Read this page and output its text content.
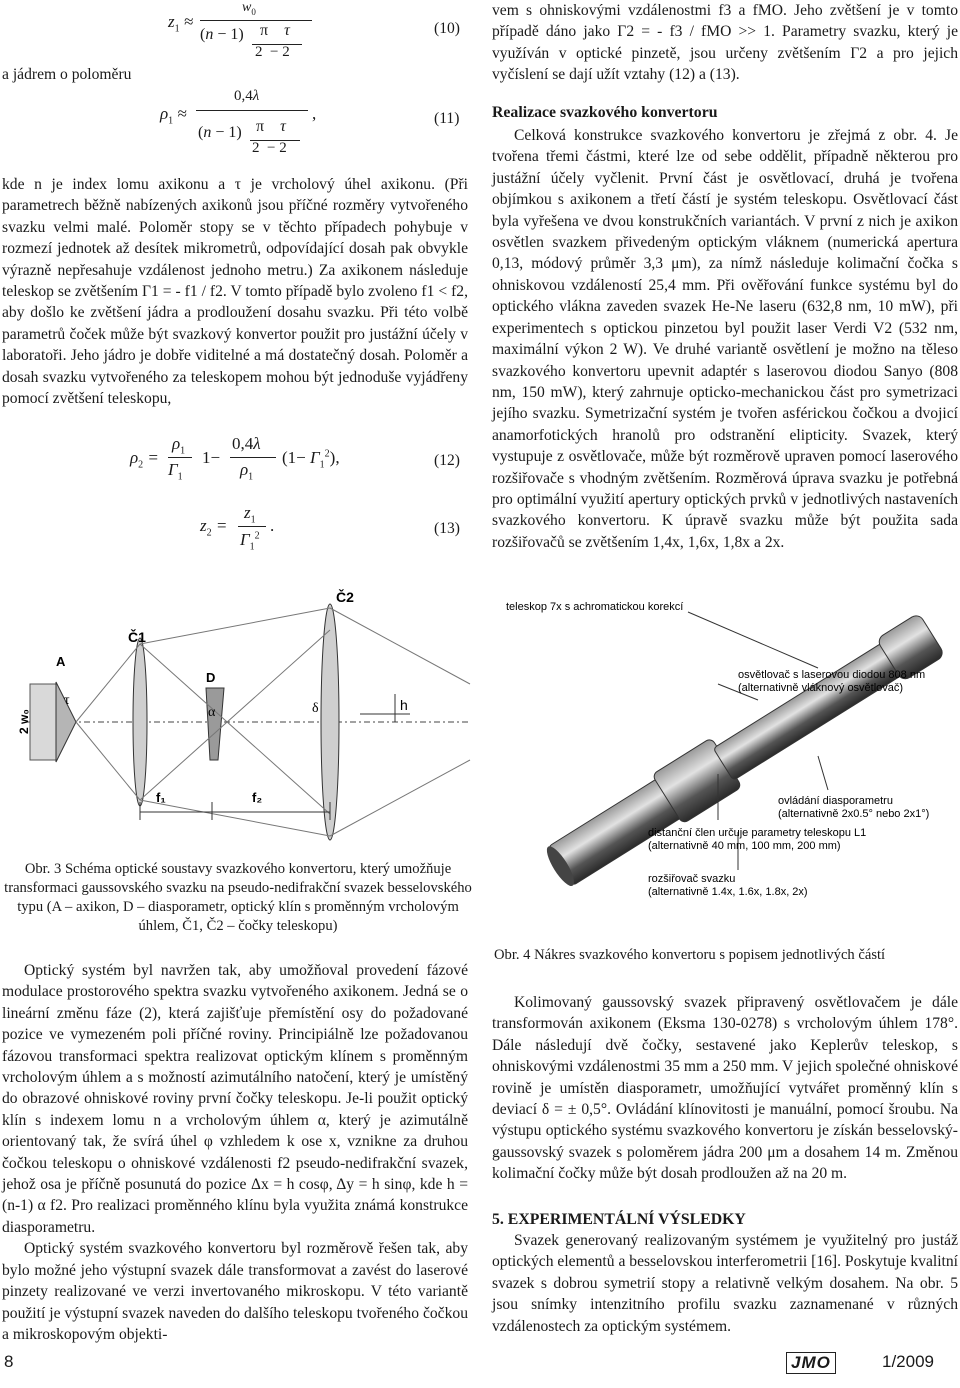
$z_1$ ≈
$w_0$
(n − 1) π    τ
2  − 2
(10)

a jádrem o poloměru

$\rho_1$ ≈
0,4λ
,
(n − 1) π    τ
2  − 2
(11)

kde n je index lomu axikonu a τ je vrcholový úhel axikonu. (Při parametrech běžně nabízených axikonů jsou příčné rozměry vytvořeného svazku velmi malé. Poloměr stopy se v těchto případech pohybuje v rozmezí jednotek až desítek mikrometrů, odpovídající dosah pak obvykle výrazně nepřesahuje vzdálenost jednoho metru.) Za axikonem následuje teleskop se zvětšením Γ1 = - f1 / f2. V tomto případě bylo zvoleno f1 < f2, aby došlo ke zvětšení jádra a prodloužení dosahu svazku. Při této volbě parametrů čoček může být svazkový konvertor použit pro justážní účely v laboratoři. Jeho jádro je dobře viditelné a má dostatečný dosah. Poloměr a dosah svazku vytvořeného za teleskopem mohou být jednoduše vyjádřeny pomocí zvětšení teleskopu,

$\rho_2$ =
$\rho_1$
$\Gamma_1$
1−
0,4λ
$\rho_1$
$(1- \Gamma_1^2)$,	(12)
$z_2$ =
$z_1$
$\Gamma_1^2$
.	(13)

vem s ohniskovými vzdálenostmi f3 a fMO. Jeho zvětšení je v tomto případě dáno jako Γ2 = - f3 / fMO >> 1. Parametry svazku, který je využíván v optické pinzetě, jsou určeny zvětšením Γ2 a pro jejich vyčíslení se dají užít vztahy (12) a (13).

Realizace svazkového konvertoru

Celková konstrukce svazkového konvertoru je zřejmá z obr. 4. Je tvořena třemi částmi, které lze od sebe oddělit, případně některou pro justážní účely vyčlenit. První část je osvětlovací, druhá je tvořena objímkou s axikonem a třetí částí je systém teleskopu. Osvětlovací část byla vyřešena ve dvou konstrukčních variantách. V první z nich je axikon osvětlen svazkem přivedeným optickým vláknem (numerická apertura 0,13, módový průměr 3,3 μm), za nímž následuje kolimační čočka s ohniskovou vzdáleností 25,4 mm. Při ověřování funkce systému byl do optického vlákna zaveden svazek He-Ne laseru (632,8 nm, 10 mW), při experimentech s optickou pinzetou byl použit laser Verdi V2 (532 nm, maximální výkon 2 W). Ve druhé variantě osvětlení je možno na těleso svazkového konvertoru upevnit adaptér s laserovou diodou Sanyo (808 nm, 150 mW), který zahrnuje opticko-mechanickou část pro symetrizaci jejího svazku. Symetrizační systém je tvořen asférickou čočkou a dvojicí anamorfotických hranolů pro odstranění elipticity. Svazek, který vystupuje z osvětlovače, může být rozměrově upraven pomocí laserového rozšiřovače s vhodným zvětšením. Rozměrová úprava svazku je potřebná pro optimální využití apertury optických prvků v jednotlivých nastaveních svazkového konvertoru. K úpravě svazku může být použita sada rozšiřovačů se zvětšením 1,4x, 1,6x, 1,8x a 2x.

Č1
Č2
A
D
2 w₀
τ
α	δ	h
f₁	f₂
teleskop 7x s achromatickou korekcí
osvětlovač s laserovou diodou 808 nm
(alternativně vláknový osvětlovač)
ovládání diasporametru
(alternativně 2x0.5° nebo 2x1°)
distanční člen určuje parametry teleskopu L1
(alternativně 40 mm, 100 mm, 200 mm)
rozšiřovač svazku
(alternativně 1.4x, 1.6x, 1.8x, 2x)

Obr. 3 Schéma optické soustavy svazkového konvertoru, který umožňuje transformaci gaussovského svazku na pseudo-nedifrakční svazek besselovského typu (A – axikon, D – diasporametr, optický klín s proměnným vrcholovým úhlem, Č1, Č2 – čočky teleskopu)

Obr. 4 Nákres svazkového konvertoru s popisem jednotlivých částí

Optický systém byl navržen tak, aby umožňoval provedení fázové modulace prostorového spektra svazku vytvořeného axikonem. Jedná se o lineární změnu fáze (2), která zajišťuje přemístění osy do požadované pozice ve vymezeném poli příčné roviny. Principiálně lze požadovanou fázovou transformaci spektra realizovat optickým klínem s proměnným vrcholovým úhlem a s možností azimutálního natočení, který je umístěný do obrazové ohniskové roviny první čočky teleskopu. Je-li použit optický klín s indexem lomu n a vrcholovým úhlem α, který je azimutálně orientovaný tak, že svírá úhel φ vzhledem k ose x, vznikne za druhou čočkou teleskopu o ohniskové vzdálenosti f2 pseudo-nedifrakční svazek, jehož osa je příčně posunutá do pozice Δx = h cosφ, Δy = h sinφ, kde h = (n-1) α f2. Pro realizaci proměnného klínu byla využita známá konstrukce diasporametru.

Optický systém svazkového konvertoru byl rozměrově řešen tak, aby bylo možné jeho výstupní svazek dále transformovat a zavést do laserové pinzety realizované ve verzi invertovaného mikroskopu. V této variantě použití je výstupní svazek naveden do dalšího teleskopu tvořeného čočkou a mikroskopovým objekti-

Kolimovaný gaussovský svazek připravený osvětlovačem je dále transformován axikonem (Eksma 130-0278) s vrcholovým úhlem 178°. Dále následují dvě čočky, sestavené jako Keplerův teleskop, s ohniskovými vzdálenostmi 35 mm a 250 mm. V jejich společné ohniskové rovině je umístěn diasporametr, umožňující vytvářet proměnný klín s deviací δ = ± 0,5°. Ovládání klínovitosti je manuální, pomocí šroubu. Na výstupu optického systému svazkového konvertoru je získán besselovský-gaussovský svazek s poloměrem jádra 200 μm a dosahem 14 m. Změnou kolimační čočky může být dosah prodloužen až na 20 m.

5. EXPERIMENTÁLNÍ VÝSLEDKY

Svazek generovaný realizovaným systémem je využitelný pro justáž optických elementů a besselovskou interferometrii [16]. Poskytuje kvalitní svazek s dobrou symetrií stopy a relativně velkým dosahem. Na obr. 5 jsou snímky intenzitního profilu svazku zaznamenané v různých vzdálenostech za optickým systémem.

8	JMO	1/2009
